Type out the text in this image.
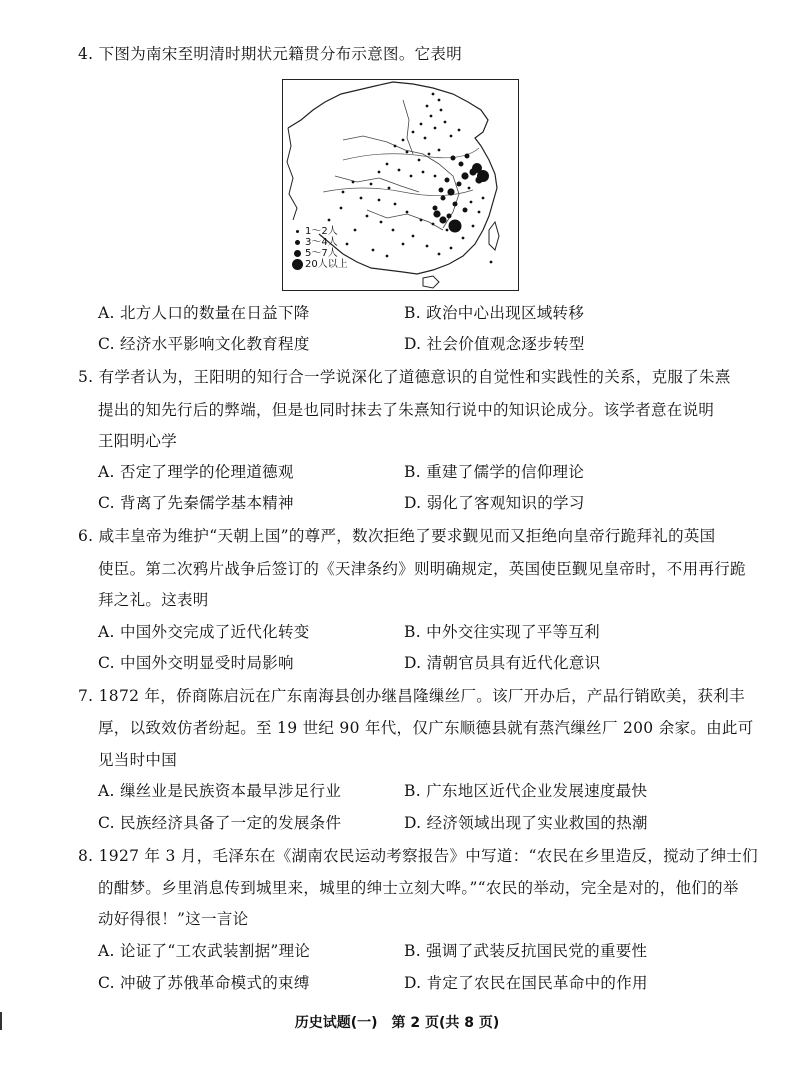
4. 下图为南宋至明清时期状元籍贯分布示意图。它表明
1～2人
3～4人
5～7人
20人以上
A. 北方人口的数量在日益下降	B. 政治中心出现区域转移
C. 经济水平影响文化教育程度	D. 社会价值观念逐步转型
5. 有学者认为，王阳明的知行合一学说深化了道德意识的自觉性和实践性的关系，克服了朱熹
提出的知先行后的弊端，但是也同时抹去了朱熹知行说中的知识论成分。该学者意在说明
王阳明心学
A. 否定了理学的伦理道德观	B. 重建了儒学的信仰理论
C. 背离了先秦儒学基本精神	D. 弱化了客观知识的学习
6. 咸丰皇帝为维护“天朝上国”的尊严，数次拒绝了要求觐见而又拒绝向皇帝行跪拜礼的英国
使臣。第二次鸦片战争后签订的《天津条约》则明确规定，英国使臣觐见皇帝时，不用再行跪
拜之礼。这表明
A. 中国外交完成了近代化转变	B. 中外交往实现了平等互利
C. 中国外交明显受时局影响	D. 清朝官员具有近代化意识
7. 1872 年，侨商陈启沅在广东南海县创办继昌隆缫丝厂。该厂开办后，产品行销欧美，获利丰
厚，以致效仿者纷起。至 19 世纪 90 年代，仅广东顺德县就有蒸汽缫丝厂 200 余家。由此可
见当时中国
A. 缫丝业是民族资本最早涉足行业	B. 广东地区近代企业发展速度最快
C. 民族经济具备了一定的发展条件	D. 经济领域出现了实业救国的热潮
8. 1927 年 3 月，毛泽东在《湖南农民运动考察报告》中写道：“农民在乡里造反，搅动了绅士们
的酣梦。乡里消息传到城里来，城里的绅士立刻大哗。”“农民的举动，完全是对的，他们的举
动好得很！”这一言论
A. 论证了“工农武装割据”理论	B. 强调了武装反抗国民党的重要性
C. 冲破了苏俄革命模式的束缚	D. 肯定了农民在国民革命中的作用
历史试题(一)　第 2 页(共 8 页)
